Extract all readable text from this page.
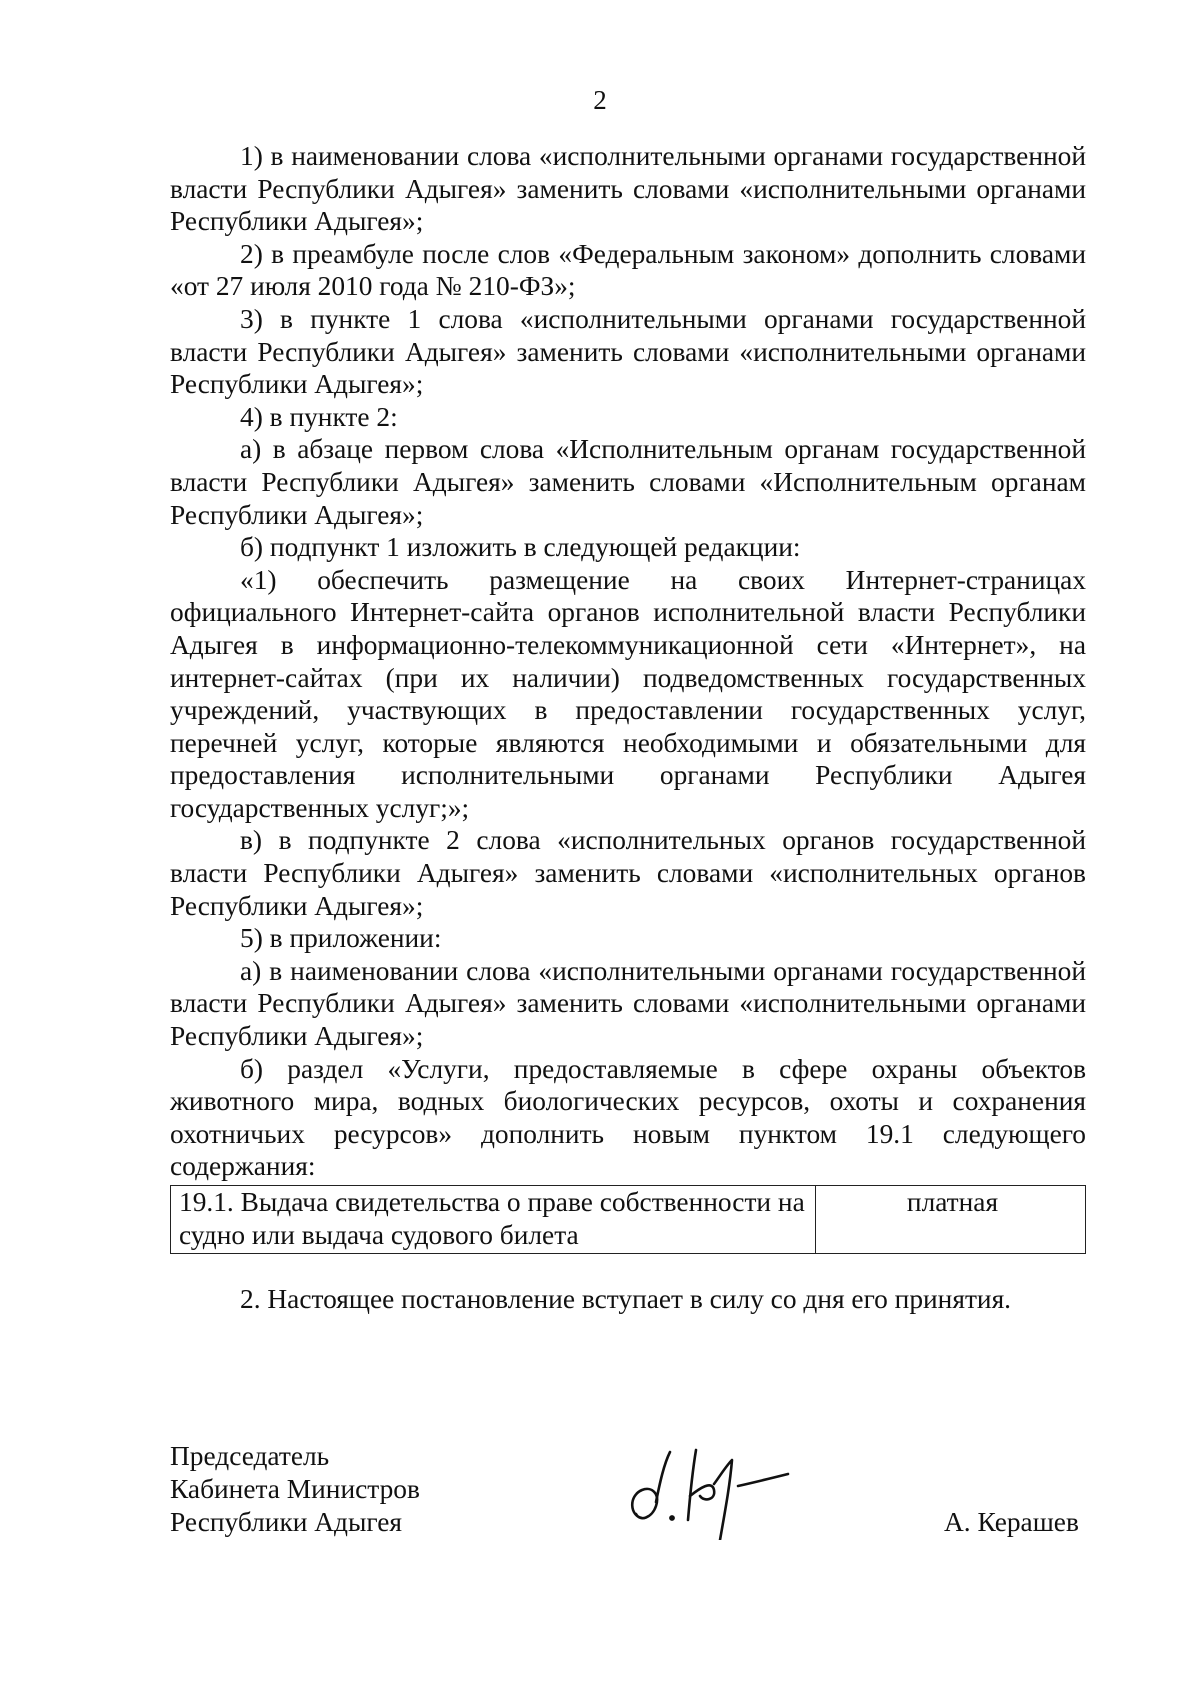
2

1) в наименовании слова «исполнительными органами государственной власти Республики Адыгея» заменить словами «исполнительными органами Республики Адыгея»;

2) в преамбуле после слов «Федеральным законом» дополнить словами «от 27 июля 2010 года № 210-ФЗ»;

3) в пункте 1 слова «исполнительными органами государственной власти Республики Адыгея» заменить словами «исполнительными органами Республики Адыгея»;

4) в пункте 2:

а) в абзаце первом слова «Исполнительным органам государственной власти Республики Адыгея» заменить словами «Исполнительным органам Республики Адыгея»;

б) подпункт 1 изложить в следующей редакции:

«1) обеспечить размещение на своих Интернет-страницах официального Интернет-сайта органов исполнительной власти Республики Адыгея в информационно-телекоммуникационной сети «Интернет», на интернет-сайтах (при их наличии) подведомственных государственных учреждений, участвующих в предоставлении государственных услуг, перечней услуг, которые являются необходимыми и обязательными для предоставления исполнительными органами Республики Адыгея государственных услуг;»;

в) в подпункте 2 слова «исполнительных органов государственной власти Республики Адыгея» заменить словами «исполнительных органов Республики Адыгея»;

5) в приложении:

а) в наименовании слова «исполнительными органами государственной власти Республики Адыгея» заменить словами «исполнительными органами Республики Адыгея»;

б) раздел «Услуги, предоставляемые в сфере охраны объектов животного мира, водных биологических ресурсов, охоты и сохранения охотничьих ресурсов» дополнить новым пунктом 19.1 следующего содержания:

19.1. Выдача свидетельства о праве собственности на судно или выдача судового билета	платная

2. Настоящее постановление вступает в силу со дня его принятия.

Председатель
Кабинета Министров
Республики Адыгея	А. Керашев
